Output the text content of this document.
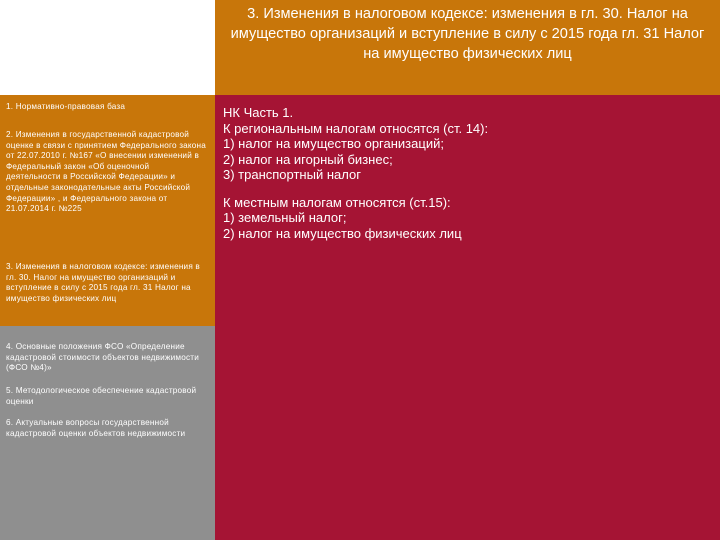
3. Изменения в налоговом кодексе: изменения в гл. 30. Налог на имущество организаций и вступление в силу с 2015 года гл. 31 Налог на имущество физических лиц
1. Нормативно-правовая база
2. Изменения в государственной кадастровой оценке в связи с принятием Федерального закона от 22.07.2010 г. №167 «О внесении изменений в Федеральный закон «Об оценочной деятельности в Российской Федерации» и отдельные законодательные акты Российской Федерации» , и Федерального закона от 21.07.2014 г. №225
3. Изменения в налоговом кодексе: изменения в гл. 30. Налог на имущество организаций и вступление в силу с 2015 года гл. 31 Налог на имущество физических лиц
4. Основные положения ФСО «Определение кадастровой стоимости объектов недвижимости (ФСО №4)»
5. Методологическое обеспечение кадастровой оценки
6. Актуальные вопросы государственной кадастровой оценки объектов недвижимости

НК Часть 1.

К региональным налогам относятся (ст. 14):

1) налог на имущество организаций;

2) налог на игорный бизнес;

3) транспортный налог

К местным налогам относятся (ст.15):

1) земельный налог;

2) налог на имущество физических лиц
